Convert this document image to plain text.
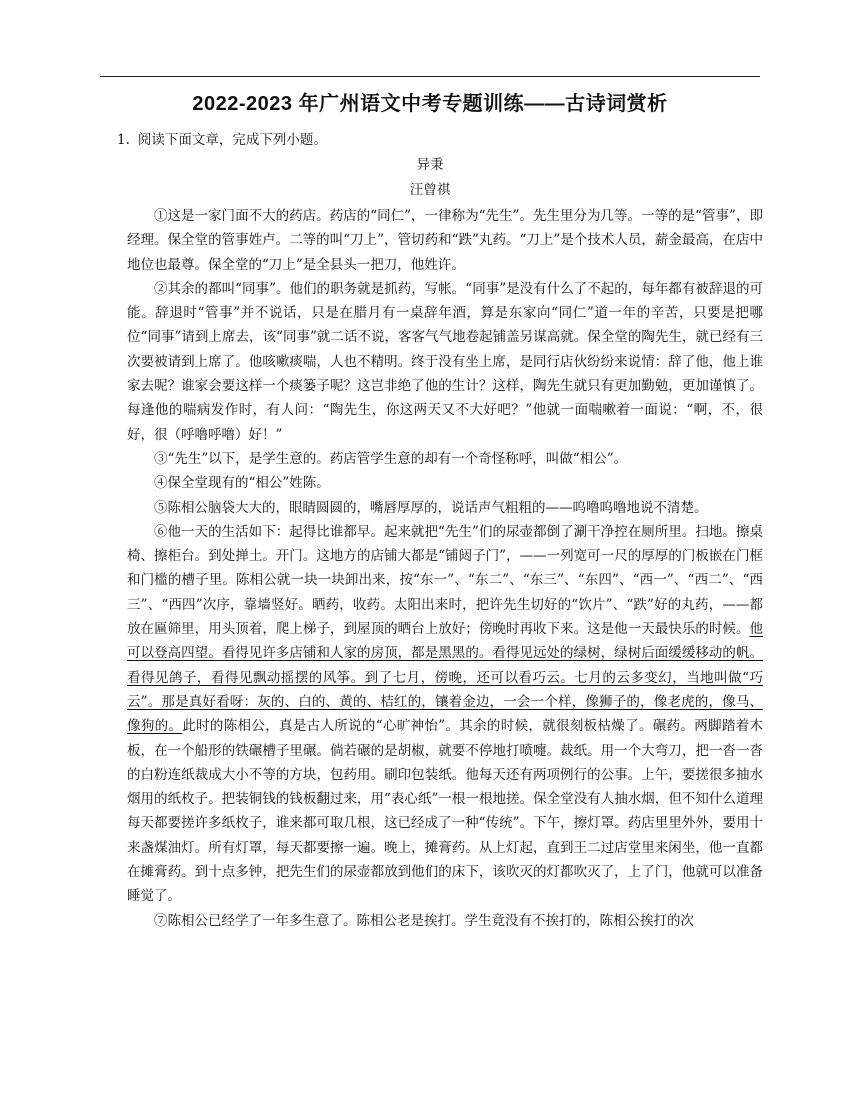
2022-2023 年广州语文中考专题训练——古诗词赏析
1. 阅读下面文章，完成下列小题。
异秉
汪曾祺

①这是一家门面不大的药店。药店的“同仁”，一律称为“先生”。先生里分为几等。一等的是“管事”，即经理。保全堂的管事姓卢。二等的叫“刀上”，管切药和“跌”丸药。“刀上”是个技术人员，薪金最高，在店中地位也最尊。保全堂的“刀上”是全县头一把刀，他姓许。

②其余的都叫“同事”。他们的职务就是抓药，写帐。“同事”是没有什么了不起的，每年都有被辞退的可能。辞退时“管事”并不说话，只是在腊月有一桌辞年酒，算是东家向“同仁”道一年的辛苦，只要是把哪位“同事”请到上席去，该“同事”就二话不说，客客气气地卷起铺盖另谋高就。保全堂的陶先生，就已经有三次要被请到上席了。他咳嗽痰喘，人也不精明。终于没有坐上席，是同行店伙纷纷来说情：辞了他，他上谁家去呢？谁家会要这样一个痰篓子呢？这岂非绝了他的生计？这样，陶先生就只有更加勤勉，更加谨慎了。每逢他的喘病发作时，有人问：“陶先生，你这两天又不大好吧？”他就一面喘嗽着一面说：“啊，不，很好，很（呼噜呼噜）好！”

③“先生”以下，是学生意的。药店管学生意的却有一个奇怪称呼，叫做“相公”。

④保全堂现有的“相公”姓陈。

⑤陈相公脑袋大大的，眼睛圆圆的，嘴唇厚厚的，说话声气粗粗的——呜噜呜噜地说不清楚。

⑥他一天的生活如下：起得比谁都早。起来就把“先生”们的尿壶都倒了涮干净控在厕所里。扫地。擦桌椅、擦柜台。到处掸土。开门。这地方的店铺大都是“铺闼子门”，——一列宽可一尺的厚厚的门板嵌在门框和门槛的槽子里。陈相公就一块一块卸出来，按“东一”、“东二”、“东三”、“东四”、“西一”、“西二”、“西三”、“西四”次序，靠墙竖好。晒药，收药。太阳出来时，把许先生切好的“饮片”、“跌”好的丸药，——都放在匾筛里，用头顶着，爬上梯子，到屋顶的晒台上放好；傍晚时再收下来。这是他一天最快乐的时候。他可以登高四望。看得见许多店铺和人家的房顶，都是黑黑的。看得见远处的绿树，绿树后面缓缓移动的帆。看得见鸽子，看得见飘动摇摆的风筝。到了七月，傍晚，还可以看巧云。七月的云多变幻，当地叫做“巧云”。那是真好看呀：灰的、白的、黄的、桔红的，镶着金边，一会一个样，像狮子的，像老虎的，像马、像狗的。此时的陈相公，真是古人所说的“心旷神怡”。其余的时候，就很刻板枯燥了。碾药。两脚踏着木板，在一个船形的铁碾槽子里碾。倘若碾的是胡椒，就要不停地打喷嚏。裁纸。用一个大弯刀，把一沓一沓的白粉连纸裁成大小不等的方块，包药用。刷印包装纸。他每天还有两项例行的公事。上午，要搓很多抽水烟用的纸枚子。把装铜钱的钱板翻过来，用“表心纸”一根一根地搓。保全堂没有人抽水烟，但不知什么道理每天都要搓许多纸枚子，谁来都可取几根，这已经成了一种“传统”。下午，擦灯罩。药店里里外外，要用十来盏煤油灯。所有灯罩，每天都要擦一遍。晚上，摊膏药。从上灯起，直到王二过店堂里来闲坐，他一直都在摊膏药。到十点多钟，把先生们的尿壶都放到他们的床下，该吹灭的灯都吹灭了，上了门，他就可以准备睡觉了。

⑦陈相公已经学了一年多生意了。陈相公老是挨打。学生竟没有不挨打的，陈相公挨打的次
